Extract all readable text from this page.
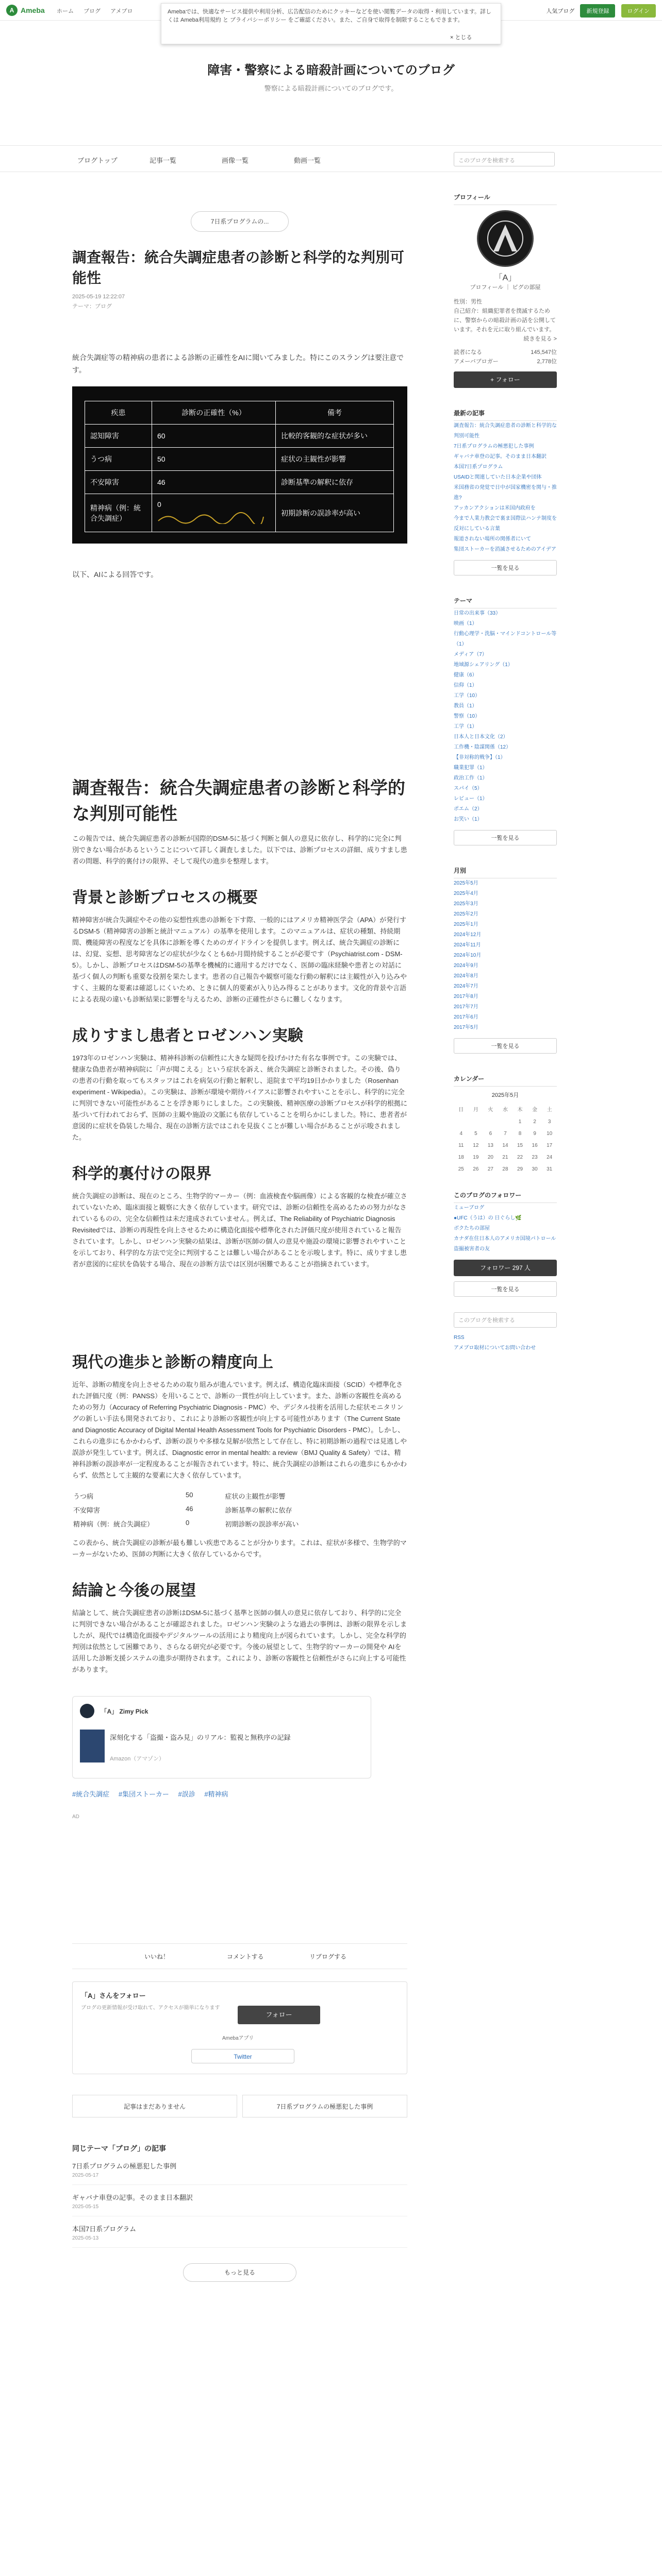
A Ameba ホーム ブログ アメブロ	人気ブログ 新規登録	ログイン
Amebaでは、快適なサービス提供や利用分析、広告配信のためにクッキーなどを使い閲覧データの取得・利用しています。詳しくは Ameba利用規約 と プライバシーポリシー をご確認ください。また、ご自身で取得を制限することもできます。
× とじる
障害・警察による暗殺計画についてのブログ
警察による暗殺計画についてのブログです。
ブログトップ	記事一覧	画像一覧	動画一覧	このブログを検索する
7日系プログラムの...
調査報告：統合失調症患者の診断と科学的な判別可能性
2025-05-19 12:22:07
テーマ：ブログ

統合失調症等の精神病の患者による診断の正確性をAIに聞いてみました。特にこのスラングは要注意です。

疾患	診断の正確性（%）	備考
認知障害	60	比較的客観的な症状が多い
うつ病	50	症状の主観性が影響
不安障害	46	診断基準の解釈に依存
精神病（例：統合失調症）	0	初期診断の誤診率が高い

以下、AIによる回答です。

調査報告：統合失調症患者の診断と科学的な判別可能性

この報告では、統合失調症患者の診断が国際的DSM-5に基づく判断と個人の意見に依存し、科学的に完全に判別できない場合があるということについて詳しく調査しました。以下では、診断プロセスの詳細、成りすまし患者の問題、科学的裏付けの限界、そして現代の進歩を整理します。

背景と診断プロセスの概要

精神障害が統合失調症やその他の妄想性疾患の診断を下す際、一般的にはアメリカ精神医学会（APA）が発行するDSM-5（精神障害の診断と統計マニュアル）の基準を使用します。このマニュアルは、症状の種類、持続期間、機能障害の程度などを具体に診断を導くためのガイドラインを提供します。例えば、統合失調症の診断には、幻覚、妄想、思考障害などの症状が少なくとも6か月間持続することが必要です（Psychiatrist.com - DSM-5）。しかし、診断プロセスはDSM-5の基準を機械的に適用するだけでなく、医師の臨床経験や患者との対話に基づく個人の判断も重要な役割を果たします。患者の自己報告や観察可能な行動の解釈には主観性が入り込みやすく、主観的な要素は確認しにくいため、ときに個人的要素が入り込み得ることがあります。文化的背景や言語による表現の違いも診断結果に影響を与えるため、診断の正確性がさらに難しくなります。

成りすまし患者とロゼンハン実験

1973年のロゼンハン実験は、精神科診断の信頼性に大きな疑問を投げかけた有名な事例です。この実験では、健康な偽患者が精神病院に「声が聞こえる」という症状を訴え、統合失調症と診断されました。その後、偽りの患者の行動を取ってもスタッフはこれを病気の行動と解釈し、退院まで平均19日かかりました（Rosenhan experiment - Wikipedia）。この実験は、診断が環境や期待バイアスに影響されやすいことを示し、科学的に完全に判別できない可能性があることを浮き彫りにしました。この実験後、精神医療の診断プロセスが科学的根拠に基づいて行われておらず、医師の主観や施設の文脈にも依存していることを明らかにしました。特に、患者者が意図的に症状を偽装した場合、現在の診断方法ではこれを見抜くことが難しい場合があることが示唆されました。

科学的裏付けの限界

統合失調症の診断は、現在のところ、生物学的マーカー（例：血液検査や脳画像）による客観的な検査が確立されていないため、臨床面接と観察に大きく依存しています。研究では、診断の信頼性を高めるための努力がなされているものの、完全な信頼性は未だ達成されていません。例えば、The Reliability of Psychiatric Diagnosis Revisitedでは、診断の再現性を向上させるために構造化面接や標準化された評価尺度が使用されていると報告されています。しかし、ロゼンハン実験の結果は、診断が医師の個人の意見や施設の環境に影響されやすいことを示しており、科学的な方法で完全に判別することは難しい場合があることを示唆します。特に、成りすまし患者が意図的に症状を偽装する場合、現在の診断方法では区別が困難であることが指摘されています。

現代の進歩と診断の精度向上

近年、診断の精度を向上させるための取り組みが進んでいます。例えば、構造化臨床面接（SCID）や標準化された評価尺度（例：PANSS）を用いることで、診断の一貫性が向上しています。また、診断の客観性を高めるための努力（Accuracy of Referring Psychiatric Diagnosis - PMC）や、デジタル技術を活用した症状モニタリングの新しい手法も開発されており、これにより診断の客観性が向上する可能性があります（The Current State and Diagnostic Accuracy of Digital Mental Health Assessment Tools for Psychiatric Disorders - PMC）。しかし、これらの進歩にもかかわらず、診断の誤りや多様な見解が依然として存在し、特に初期診断の過程では見逃しや誤診が発生しています。例えば、Diagnostic error in mental health: a review（BMJ Quality & Safety）では、精神科診断の誤診率が一定程度あることが報告されています。特に、統合失調症の診断はこれらの進歩にもかかわらず、依然として主観的な要素に大きく依存しています。

うつ病	50	症状の主観性が影響
不安障害	46	診断基準の解釈に依存
精神病（例：統合失調症）	0	初期診断の誤診率が高い

この表から、統合失調症の診断が最も難しい疾患であることが分かります。これは、症状が多様で、生物学的マーカーがないため、医師の判断に大きく依存しているからです。

結論と今後の展望

結論として、統合失調症患者の診断はDSM-5に基づく基準と医師の個人の意見に依存しており、科学的に完全に判別できない場合があることが確認されました。ロゼンハン実験のような過去の事例は、診断の限界を示しましたが、現代では構造化面接やデジタルツールの活用により精度向上が図られています。しかし、完全な科学的判別は依然として困難であり、さらなる研究が必要です。今後の展望として、生物学的マーカーの開発や AIを活用した診断支援システムの進歩が期待されます。これにより、診断の客観性と信頼性がさらに向上する可能性があります。

「A」 Zimy Pick
深刻化する「盗撮・盗み見」のリアル：監視と無秩序の記録
Amazon（アマゾン）
#統合失調症 #集団ストーカー #誤診 #精神病
AD
いいね！	コメントする	リブログする
「A」さんをフォロー
ブログの更新情報が受け取れて、アクセスが簡単になります
フォロー
Amebaアプリ
Twitter
記事はまだありません	7日系プログラムの極悪犯した事例
同じテーマ「ブログ」の記事
7日系プログラムの極悪犯した事例
2025-05-17
ギャバナ車登の記事。そのまま日本翻訳
2025-05-15
本国7日系プログラム
2025-05-13
もっと見る
プロフィール
「A」
プロフィール ｜ ピグの部屋
性別：男性
自己紹介：組織犯罪者を撲滅するために、警察からの暗殺計画の話を公開しています。それを元に取り組んでいます。
続きを見る >
読者になる	145,547位
アメーバブロガー	2,778位
+ フォロー
最新の記事
調査報告：統合失調症患者の診断と科学的な判別可能性
7日系プログラムの極悪犯した事例
ギャバナ車登の記事。そのまま日本翻訳
本国7日系プログラム
USAIDと関連していた日本企業や団体
米国務省の発覚で日中が国家機密を関与・推進?
アッカンアクションは米国内政府を
今まで人業力教会で裏ま国際法ハンテ制度を反対にしている言葉
報道されない場所の関係者にいて
集団ストーカーを消滅させるためのアイデア
一覧を見る
テーマ
日常の出来事（33）
映画（1）
行動心理学・洗脳・マインドコントロール等（1）
メディア（7）
地域源シェアリング（1）
健康（6）
信仰（1）
工学（10）
教員（1）
警察（10）
工学（1）
日本人と日本文化（2）
工作機・陰謀関係（12）
【非対称的戦争】（1）
職業犯罪（1）
政治工作（1）
スパイ（5）
レビュー（1）
ポエム（2）
お笑い（1）
一覧を見る
月別
2025年5月
2025年4月
2025年3月
2025年2月
2025年1月
2024年12月
2024年11月
2024年10月
2024年9月
2024年8月
2024年7月
2017年8月
2017年7月
2017年6月
2017年5月
一覧を見る
カレンダー
2025年5月
日	月	火	水	木	金	土
				1	2	3
4	5	6	7	8	9	10
11	12	13	14	15	16	17
18	19	20	21	22	23	24
25	26	27	28	29	30	31
このブログのフォロワー
ミューブログ
●UFC（うは）の 日ぐらし🌿
ボクたちの部屋
カナダ在住日本人のアメリカ国境パトロール
盗撮被害者の友
フォロワー 297 人
一覧を見る
このブログを検索する
RSS
アメブロ取材についてお問い合わせ
